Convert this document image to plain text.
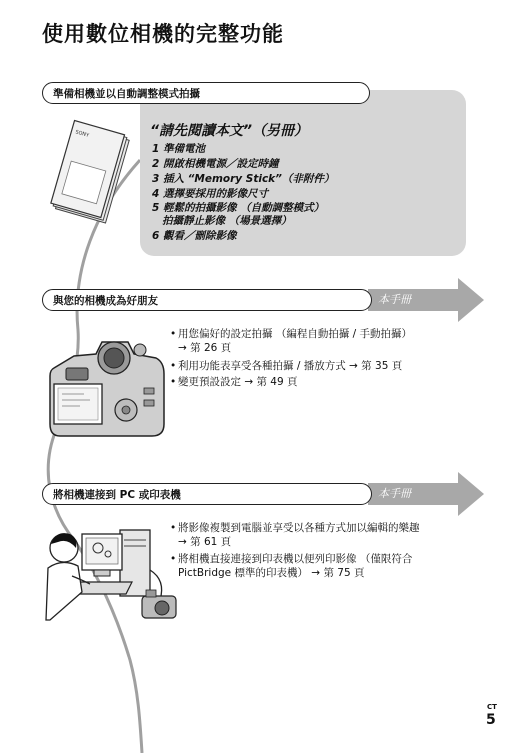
使用數位相機的完整功能
準備相機並以自動調整模式拍攝
SONY	“請先閱讀本文”（另冊）
1 準備電池
2 開啟相機電源／設定時鐘
3 插入 “Memory Stick”（非附件）
4 選擇要採用的影像尺寸
5 輕鬆的拍攝影像 （自動調整模式）
拍攝靜止影像 （場景選擇）
6 觀看／刪除影像
本手冊
與您的相機成為好朋友
• 用您偏好的設定拍攝 （編程自動拍攝 / 手動拍攝）
→ 第 26 頁
• 利用功能表享受各種拍攝 / 播放方式 → 第 35 頁
• 變更預設設定 → 第 49 頁
本手冊
將相機連接到 PC 或印表機
• 將影像複製到電腦並享受以各種方式加以編輯的樂趣
→ 第 61 頁
• 將相機直接連接到印表機以便列印影像 （僅限符合
PictBridge 標準的印表機） → 第 75 頁
CT
5
